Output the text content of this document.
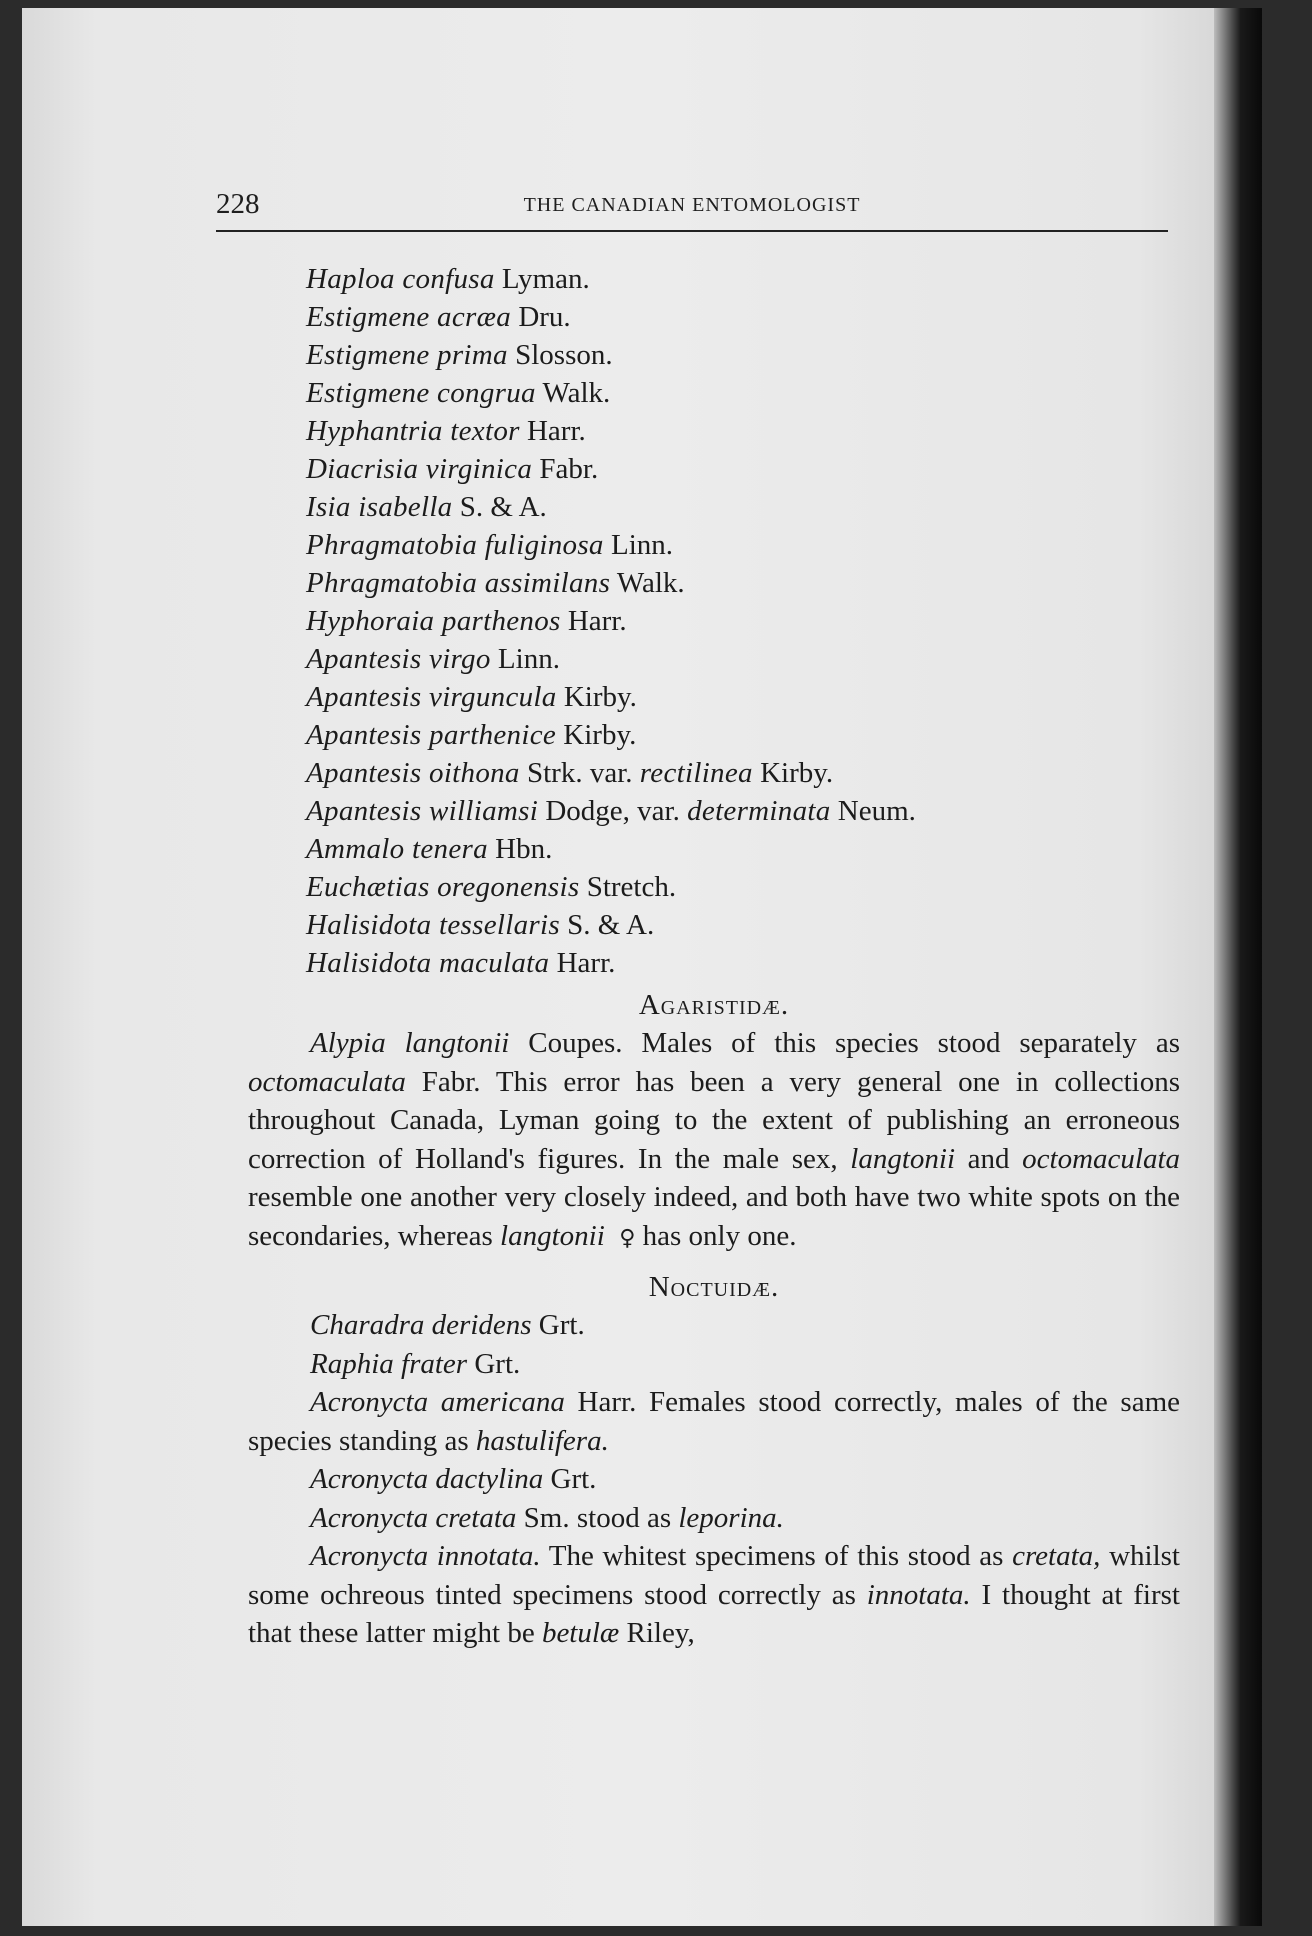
228	THE CANADIAN ENTOMOLOGIST
Haploa confusa Lyman.
Estigmene acræa Dru.
Estigmene prima Slosson.
Estigmene congrua Walk.
Hyphantria textor Harr.
Diacrisia virginica Fabr.
Isia isabella S. & A.
Phragmatobia fuliginosa Linn.
Phragmatobia assimilans Walk.
Hyphoraia parthenos Harr.
Apantesis virgo Linn.
Apantesis virguncula Kirby.
Apantesis parthenice Kirby.
Apantesis oithona Strk. var. rectilinea Kirby.
Apantesis williamsi Dodge, var. determinata Neum.
Ammalo tenera Hbn.
Euchætias oregonensis Stretch.
Halisidota tessellaris S. & A.
Halisidota maculata Harr.
Agaristidæ.

Alypia langtonii Coupes. Males of this species stood separately as octomaculata Fabr. This error has been a very general one in collections throughout Canada, Lyman going to the extent of publishing an erroneous correction of Holland's figures. In the male sex, langtonii and octomaculata resemble one another very closely indeed, and both have two white spots on the secondaries, whereas langtonii ♀ has only one.

Noctuidæ.

Charadra deridens Grt.

Raphia frater Grt.

Acronycta americana Harr. Females stood correctly, males of the same species standing as hastulifera.

Acronycta dactylina Grt.

Acronycta cretata Sm. stood as leporina.

Acronycta innotata. The whitest specimens of this stood as cretata, whilst some ochreous tinted specimens stood correctly as innotata. I thought at first that these latter might be betulæ Riley,
